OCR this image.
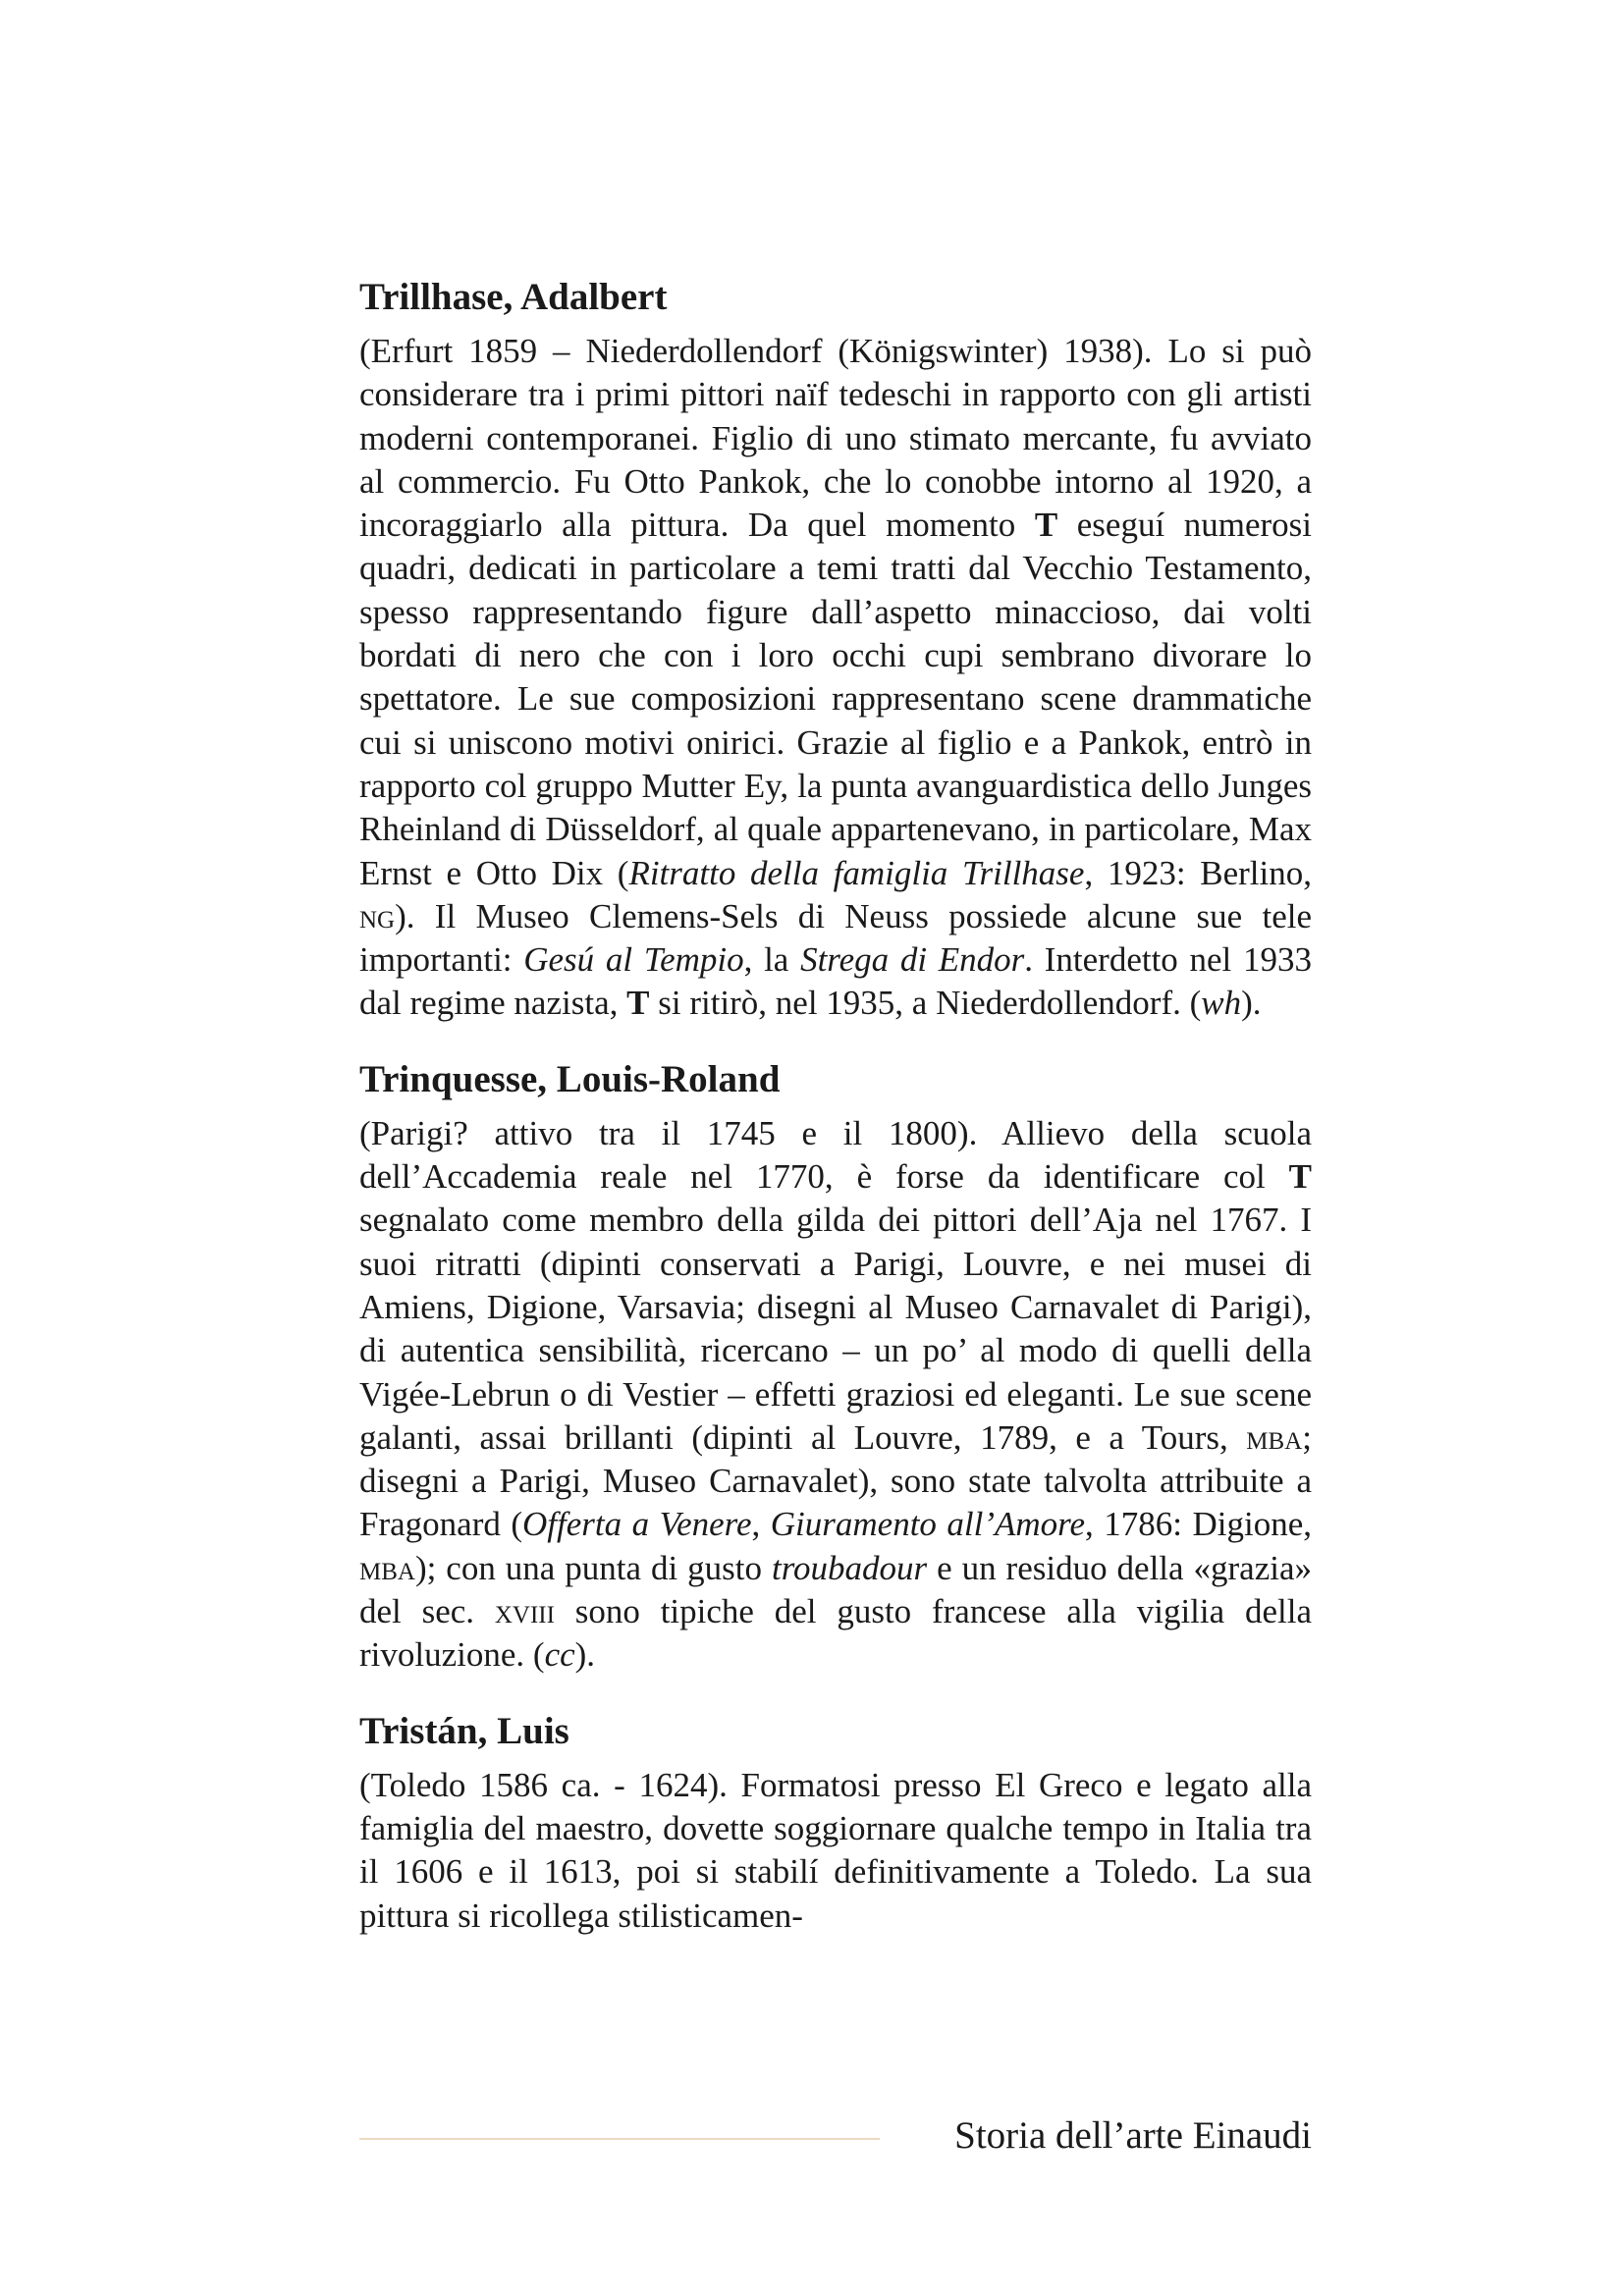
Trillhase, Adalbert

(Erfurt 1859 – Niederdollendorf (Königswinter) 1938). Lo si può considerare tra i primi pittori naïf tedeschi in rapporto con gli artisti moderni contemporanei. Figlio di uno stimato mercante, fu avviato al commercio. Fu Otto Pankok, che lo conobbe intorno al 1920, a incoraggiarlo alla pittura. Da quel momento T eseguí numerosi quadri, dedicati in particolare a temi tratti dal Vecchio Testamento, spesso rappresentando figure dall’aspetto minaccioso, dai volti bordati di nero che con i loro occhi cupi sembrano divorare lo spettatore. Le sue composizioni rappresentano scene drammatiche cui si uniscono motivi onirici. Grazie al figlio e a Pankok, entrò in rapporto col gruppo Mutter Ey, la punta avanguardistica dello Junges Rheinland di Düsseldorf, al quale appartenevano, in particolare, Max Ernst e Otto Dix (Ritratto della famiglia Trillhase, 1923: Berlino, ng). Il Museo Clemens-Sels di Neuss possiede alcune sue tele importanti: Gesú al Tempio, la Strega di Endor. Interdetto nel 1933 dal regime nazista, T si ritirò, nel 1935, a Niederdollendorf. (wh).

Trinquesse, Louis-Roland

(Parigi? attivo tra il 1745 e il 1800). Allievo della scuola dell’Accademia reale nel 1770, è forse da identificare col T segnalato come membro della gilda dei pittori dell’Aja nel 1767. I suoi ritratti (dipinti conservati a Parigi, Louvre, e nei musei di Amiens, Digione, Varsavia; disegni al Museo Carnavalet di Parigi), di autentica sensibilità, ricercano – un po’ al modo di quelli della Vigée-Lebrun o di Vestier – effetti graziosi ed eleganti. Le sue scene galanti, assai brillanti (dipinti al Louvre, 1789, e a Tours, mba; disegni a Parigi, Museo Carnavalet), sono state talvolta attribuite a Fragonard (Offerta a Venere, Giuramento all’Amore, 1786: Digione, mba); con una punta di gusto troubadour e un residuo della «grazia» del sec. xviii sono tipiche del gusto francese alla vigilia della rivoluzione. (cc).

Tristán, Luis

(Toledo 1586 ca. - 1624). Formatosi presso El Greco e legato alla famiglia del maestro, dovette soggiornare qualche tempo in Italia tra il 1606 e il 1613, poi si stabilí definitivamente a Toledo. La sua pittura si ricollega stilisticamen-

Storia dell’arte Einaudi
